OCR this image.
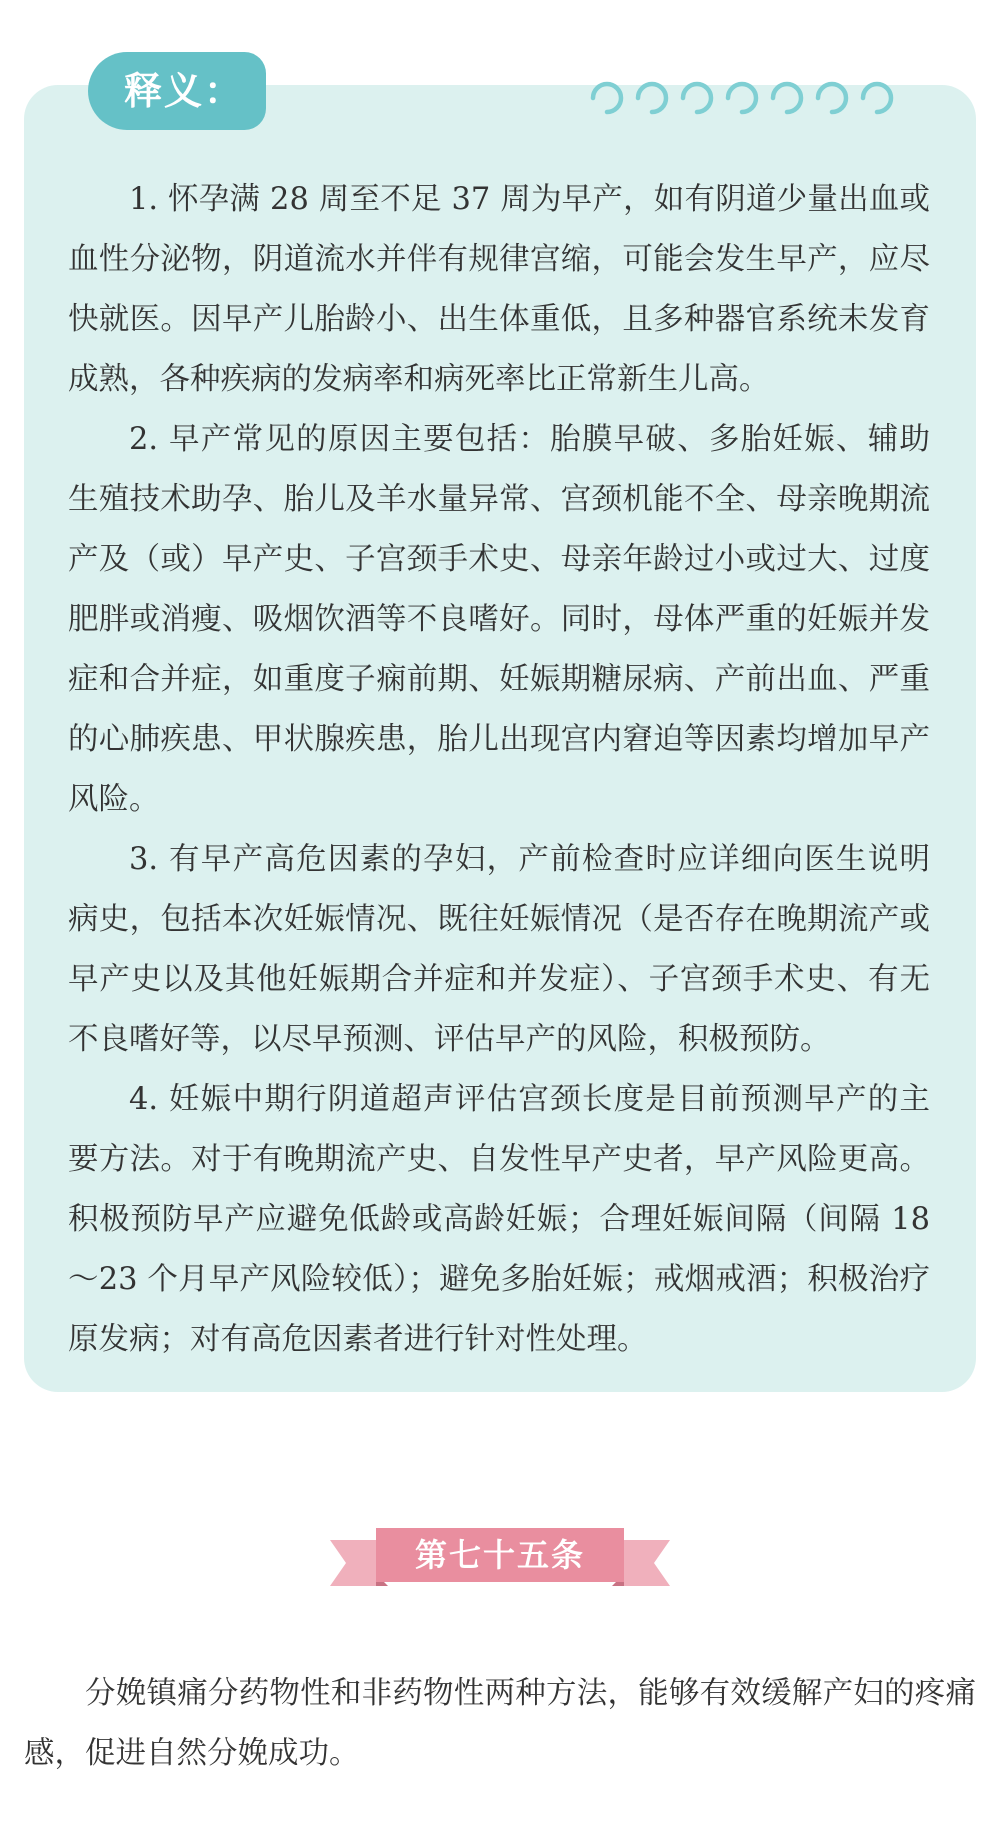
释义：

1. 怀孕满 28 周至不足 37 周为早产，如有阴道少量出血或血性分泌物，阴道流水并伴有规律宫缩，可能会发生早产，应尽快就医。因早产儿胎龄小、出生体重低，且多种器官系统未发育成熟，各种疾病的发病率和病死率比正常新生儿高。

2. 早产常见的原因主要包括：胎膜早破、多胎妊娠、辅助生殖技术助孕、胎儿及羊水量异常、宫颈机能不全、母亲晚期流产及（或）早产史、子宫颈手术史、母亲年龄过小或过大、过度肥胖或消瘦、吸烟饮酒等不良嗜好。同时，母体严重的妊娠并发症和合并症，如重度子痫前期、妊娠期糖尿病、产前出血、严重的心肺疾患、甲状腺疾患，胎儿出现宫内窘迫等因素均增加早产风险。

3. 有早产高危因素的孕妇，产前检查时应详细向医生说明病史，包括本次妊娠情况、既往妊娠情况（是否存在晚期流产或早产史以及其他妊娠期合并症和并发症）、子宫颈手术史、有无不良嗜好等，以尽早预测、评估早产的风险，积极预防。

4. 妊娠中期行阴道超声评估宫颈长度是目前预测早产的主要方法。对于有晚期流产史、自发性早产史者，早产风险更高。积极预防早产应避免低龄或高龄妊娠；合理妊娠间隔（间隔 18～23 个月早产风险较低）；避免多胎妊娠；戒烟戒酒；积极治疗原发病；对有高危因素者进行针对性处理。

第七十五条

分娩镇痛分药物性和非药物性两种方法，能够有效缓解产妇的疼痛感，促进自然分娩成功。
